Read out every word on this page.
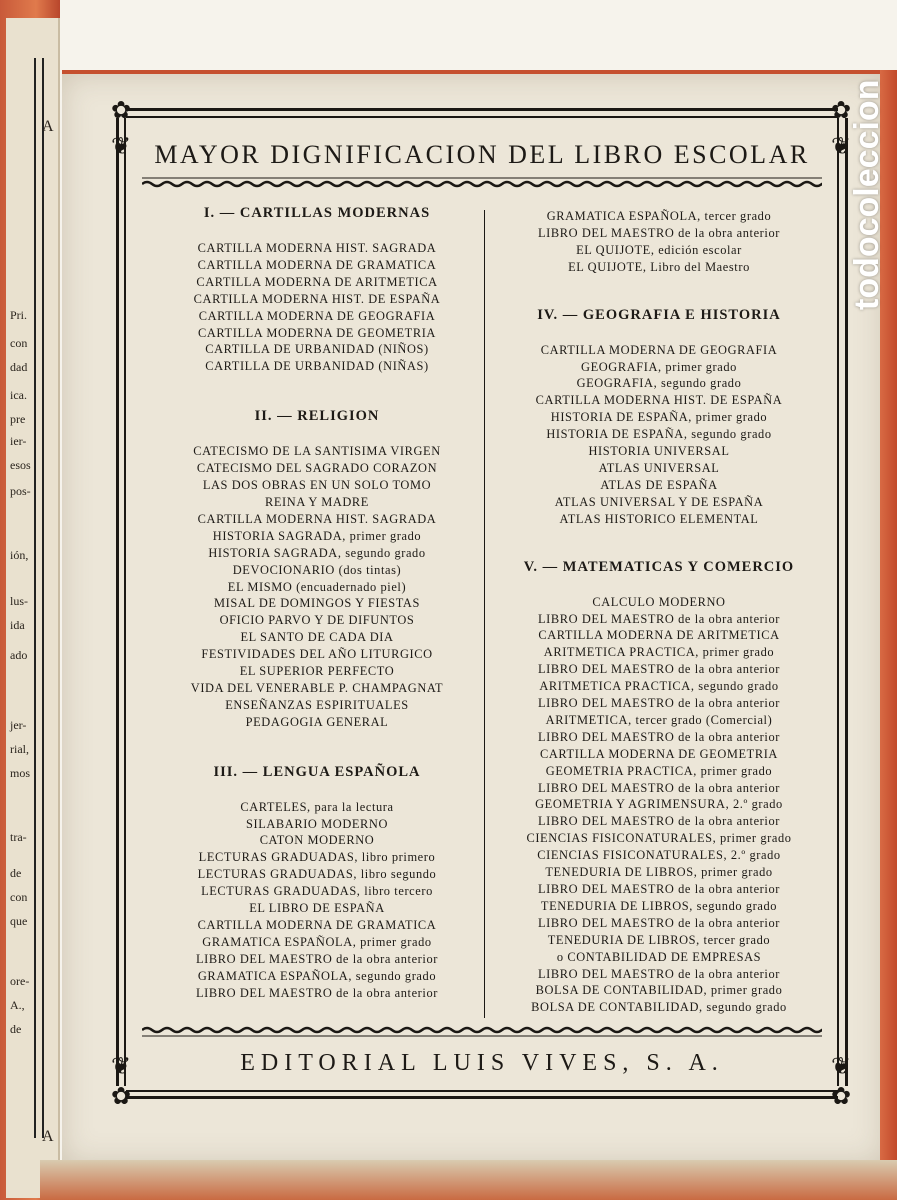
A
Pri.
con
dad
ica.
pre
ier-
esos
pos-
ión,
lus-
ida
ado
jer-
rial,
mos
tra-
de
con
que
ore-
A.,
de
A
✿	✿
✿	✿
❦	❦
❦	❦
MAYOR DIGNIFICACION DEL LIBRO ESCOLAR
I. — CARTILLAS MODERNAS
CARTILLA MODERNA HIST. SAGRADA
CARTILLA MODERNA DE GRAMATICA
CARTILLA MODERNA DE ARITMETICA
CARTILLA MODERNA HIST. DE ESPAÑA
CARTILLA MODERNA DE GEOGRAFIA
CARTILLA MODERNA DE GEOMETRIA
CARTILLA DE URBANIDAD (NIÑOS)
CARTILLA DE URBANIDAD (NIÑAS)
II. — RELIGION
CATECISMO DE LA SANTISIMA VIRGEN
CATECISMO DEL SAGRADO CORAZON
LAS DOS OBRAS EN UN SOLO TOMO
REINA Y MADRE
CARTILLA MODERNA HIST. SAGRADA
HISTORIA SAGRADA, primer grado
HISTORIA SAGRADA, segundo grado
DEVOCIONARIO (dos tintas)
EL MISMO (encuadernado piel)
MISAL DE DOMINGOS Y FIESTAS
OFICIO PARVO Y DE DIFUNTOS
EL SANTO DE CADA DIA
FESTIVIDADES DEL AÑO LITURGICO
EL SUPERIOR PERFECTO
VIDA DEL VENERABLE P. CHAMPAGNAT
ENSEÑANZAS ESPIRITUALES
PEDAGOGIA GENERAL
III. — LENGUA ESPAÑOLA
CARTELES, para la lectura
SILABARIO MODERNO
CATON MODERNO
LECTURAS GRADUADAS, libro primero
LECTURAS GRADUADAS, libro segundo
LECTURAS GRADUADAS, libro tercero
EL LIBRO DE ESPAÑA
CARTILLA MODERNA DE GRAMATICA
GRAMATICA ESPAÑOLA, primer grado
LIBRO DEL MAESTRO de la obra anterior
GRAMATICA ESPAÑOLA, segundo grado
LIBRO DEL MAESTRO de la obra anterior
GRAMATICA ESPAÑOLA, tercer grado
LIBRO DEL MAESTRO de la obra anterior
EL QUIJOTE, edición escolar
EL QUIJOTE, Libro del Maestro
IV. — GEOGRAFIA E HISTORIA
CARTILLA MODERNA DE GEOGRAFIA
GEOGRAFIA, primer grado
GEOGRAFIA, segundo grado
CARTILLA MODERNA HIST. DE ESPAÑA
HISTORIA DE ESPAÑA, primer grado
HISTORIA DE ESPAÑA, segundo grado
HISTORIA UNIVERSAL
ATLAS UNIVERSAL
ATLAS DE ESPAÑA
ATLAS UNIVERSAL Y DE ESPAÑA
ATLAS HISTORICO ELEMENTAL
V. — MATEMATICAS Y COMERCIO
CALCULO MODERNO
LIBRO DEL MAESTRO de la obra anterior
CARTILLA MODERNA DE ARITMETICA
ARITMETICA PRACTICA, primer grado
LIBRO DEL MAESTRO de la obra anterior
ARITMETICA PRACTICA, segundo grado
LIBRO DEL MAESTRO de la obra anterior
ARITMETICA, tercer grado (Comercial)
LIBRO DEL MAESTRO de la obra anterior
CARTILLA MODERNA DE GEOMETRIA
GEOMETRIA PRACTICA, primer grado
LIBRO DEL MAESTRO de la obra anterior
GEOMETRIA Y AGRIMENSURA, 2.º grado
LIBRO DEL MAESTRO de la obra anterior
CIENCIAS FISICONATURALES, primer grado
CIENCIAS FISICONATURALES, 2.º grado
TENEDURIA DE LIBROS, primer grado
LIBRO DEL MAESTRO de la obra anterior
TENEDURIA DE LIBROS, segundo grado
LIBRO DEL MAESTRO de la obra anterior
TENEDURIA DE LIBROS, tercer grado
o CONTABILIDAD DE EMPRESAS
LIBRO DEL MAESTRO de la obra anterior
BOLSA DE CONTABILIDAD, primer grado
BOLSA DE CONTABILIDAD, segundo grado
EDITORIAL LUIS VIVES, S. A.
todocoleccion
